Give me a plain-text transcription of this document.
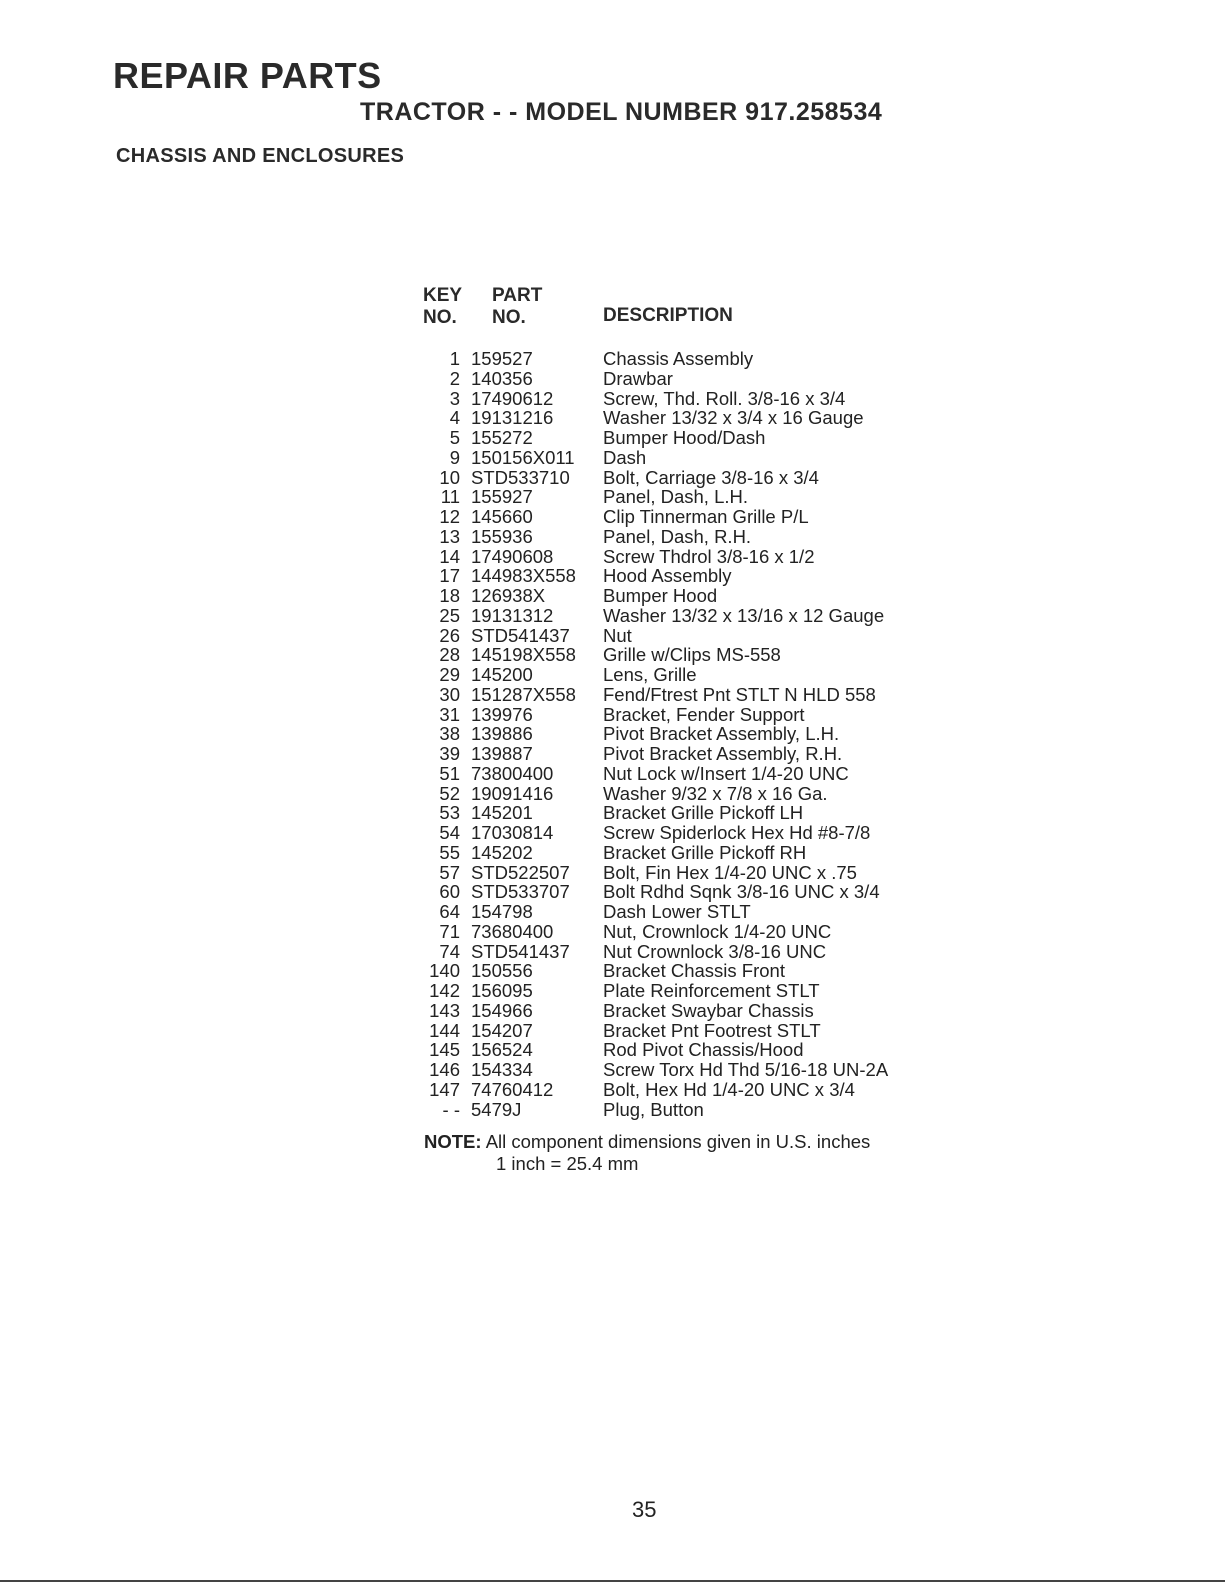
REPAIR PARTS
TRACTOR - - MODEL NUMBER 917.258534
CHASSIS AND ENCLOSURES
KEY
NO.
PART
NO.	DESCRIPTION
1 159527	Chassis Assembly
2 140356	Drawbar
3 17490612	Screw, Thd. Roll. 3/8-16 x 3/4
4 19131216	Washer 13/32 x 3/4 x 16 Gauge
5 155272	Bumper Hood/Dash
9 150156X011 Dash
10 STD533710 Bolt, Carriage 3/8-16 x 3/4
11 155927	Panel, Dash, L.H.
12 145660	Clip Tinnerman Grille P/L
13 155936	Panel, Dash, R.H.
14 17490608	Screw Thdrol 3/8-16 x 1/2
17 144983X558 Hood Assembly
18 126938X	Bumper Hood
25 19131312	Washer 13/32 x 13/16 x 12 Gauge
26 STD541437 Nut
28 145198X558 Grille w/Clips MS-558
29 145200	Lens, Grille
30 151287X558 Fend/Ftrest Pnt STLT N HLD 558
31 139976	Bracket, Fender Support
38 139886	Pivot Bracket Assembly, L.H.
39 139887	Pivot Bracket Assembly, R.H.
51 73800400	Nut Lock w/Insert 1/4-20 UNC
52 19091416	Washer 9/32 x 7/8 x 16 Ga.
53 145201	Bracket Grille Pickoff LH
54 17030814	Screw Spiderlock Hex Hd #8-7/8
55 145202	Bracket Grille Pickoff RH
57 STD522507 Bolt, Fin Hex 1/4-20 UNC x .75
60 STD533707 Bolt Rdhd Sqnk 3/8-16 UNC x 3/4
64 154798	Dash Lower STLT
71 73680400	Nut, Crownlock 1/4-20 UNC
74 STD541437 Nut Crownlock 3/8-16 UNC
140 150556	Bracket Chassis Front
142 156095	Plate Reinforcement STLT
143 154966	Bracket Swaybar Chassis
144 154207	Bracket Pnt Footrest STLT
145 156524	Rod Pivot Chassis/Hood
146 154334	Screw Torx Hd Thd 5/16-18 UN-2A
147 74760412	Bolt, Hex Hd 1/4-20 UNC x 3/4
- - 5479J	Plug, Button
NOTE: All component dimensions given in U.S. inches
1 inch = 25.4 mm
35
